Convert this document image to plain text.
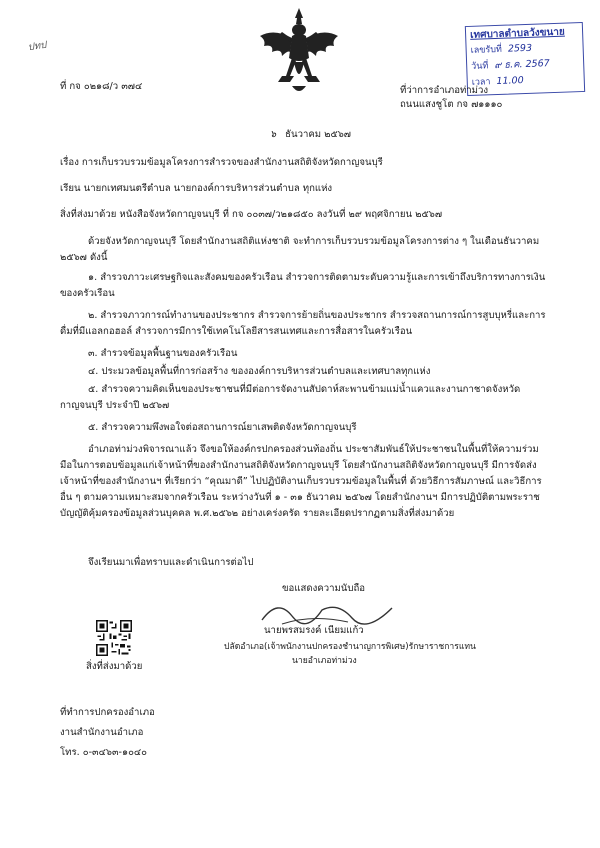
ปทป
เทศบาลตำบลวังขนาย
เลขรับที่ 2593
วันที่ ๙ ธ.ค. 2567
เวลา 11.00
ที่ กจ ๐๒๑๘/ว ๓๗๔	ที่ว่าการอำเภอท่าม่วง
ถนนแสงชูโต กจ ๗๑๑๑๐
๖ ธันวาคม ๒๕๖๗
เรื่อง การเก็บรวบรวมข้อมูลโครงการสำรวจของสำนักงานสถิติจังหวัดกาญจนบุรี
เรียน นายกเทศมนตรีตำบล นายกองค์การบริหารส่วนตำบล ทุกแห่ง
สิ่งที่ส่งมาด้วย หนังสือจังหวัดกาญจนบุรี ที่ กจ ๐๐๓๗/ว๒๑๘๕๐ ลงวันที่ ๒๙ พฤศจิกายน ๒๕๖๗
ด้วยจังหวัดกาญจนบุรี โดยสำนักงานสถิติแห่งชาติ จะทำการเก็บรวบรวมข้อมูลโครงการต่าง ๆ ในเดือนธันวาคม ๒๕๖๗ ดังนี้
๑. สำรวจภาวะเศรษฐกิจและสังคมของครัวเรือน สำรวจการติดตามระดับความรู้และการเข้าถึงบริการทางการเงินของครัวเรือน
๒. สำรวจภาวการณ์ทำงานของประชากร สำรวจการย้ายถิ่นของประชากร สำรวจสถานการณ์การสูบบุหรี่และการดื่มที่มีแอลกอฮอล์ สำรวจการมีการใช้เทคโนโลยีสารสนเทศและการสื่อสารในครัวเรือน
๓. สำรวจข้อมูลพื้นฐานของครัวเรือน
๔. ประมวลข้อมูลพื้นที่การก่อสร้าง ขององค์การบริหารส่วนตำบลและเทศบาลทุกแห่ง
๕. สำรวจความคิดเห็นของประชาชนที่มีต่อการจัดงานสัปดาห์สะพานข้ามแม่น้ำแควและงานกาชาดจังหวัดกาญจนบุรี ประจำปี ๒๕๖๗
๕. สำรวจความพึงพอใจต่อสถานการณ์ยาเสพติดจังหวัดกาญจนบุรี
อำเภอท่าม่วงพิจารณาแล้ว จึงขอให้องค์กรปกครองส่วนท้องถิ่น ประชาสัมพันธ์ให้ประชาชนในพื้นที่ให้ความร่วมมือในการตอบข้อมูลแก่เจ้าหน้าที่ของสำนักงานสถิติจังหวัดกาญจนบุรี โดยสำนักงานสถิติจังหวัดกาญจนบุรี มีการจัดส่งเจ้าหน้าที่ของสำนักงานฯ ที่เรียกว่า “คุณมาดี” ไปปฏิบัติงานเก็บรวบรวมข้อมูลในพื้นที่ ด้วยวิธีการสัมภาษณ์ และวิธีการอื่น ๆ ตามความเหมาะสมจากครัวเรือน ระหว่างวันที่ ๑ - ๓๑ ธันวาคม ๒๕๖๗ โดยสำนักงานฯ มีการปฏิบัติตามพระราชบัญญัติคุ้มครองข้อมูลส่วนบุคคล พ.ศ.๒๕๖๒ อย่างเคร่งครัด รายละเอียดปรากฏตามสิ่งที่ส่งมาด้วย
จึงเรียนมาเพื่อทราบและดำเนินการต่อไป
ขอแสดงความนับถือ
นายพรสมรงค์ เนียมแก้ว
ปลัดอำเภอ(เจ้าพนักงานปกครองชำนาญการพิเศษ)รักษาราชการแทน
นายอำเภอท่าม่วง
สิ่งที่ส่งมาด้วย
ที่ทำการปกครองอำเภอ
งานสำนักงานอำเภอ
โทร. ๐-๓๔๖๓-๑๐๔๐
